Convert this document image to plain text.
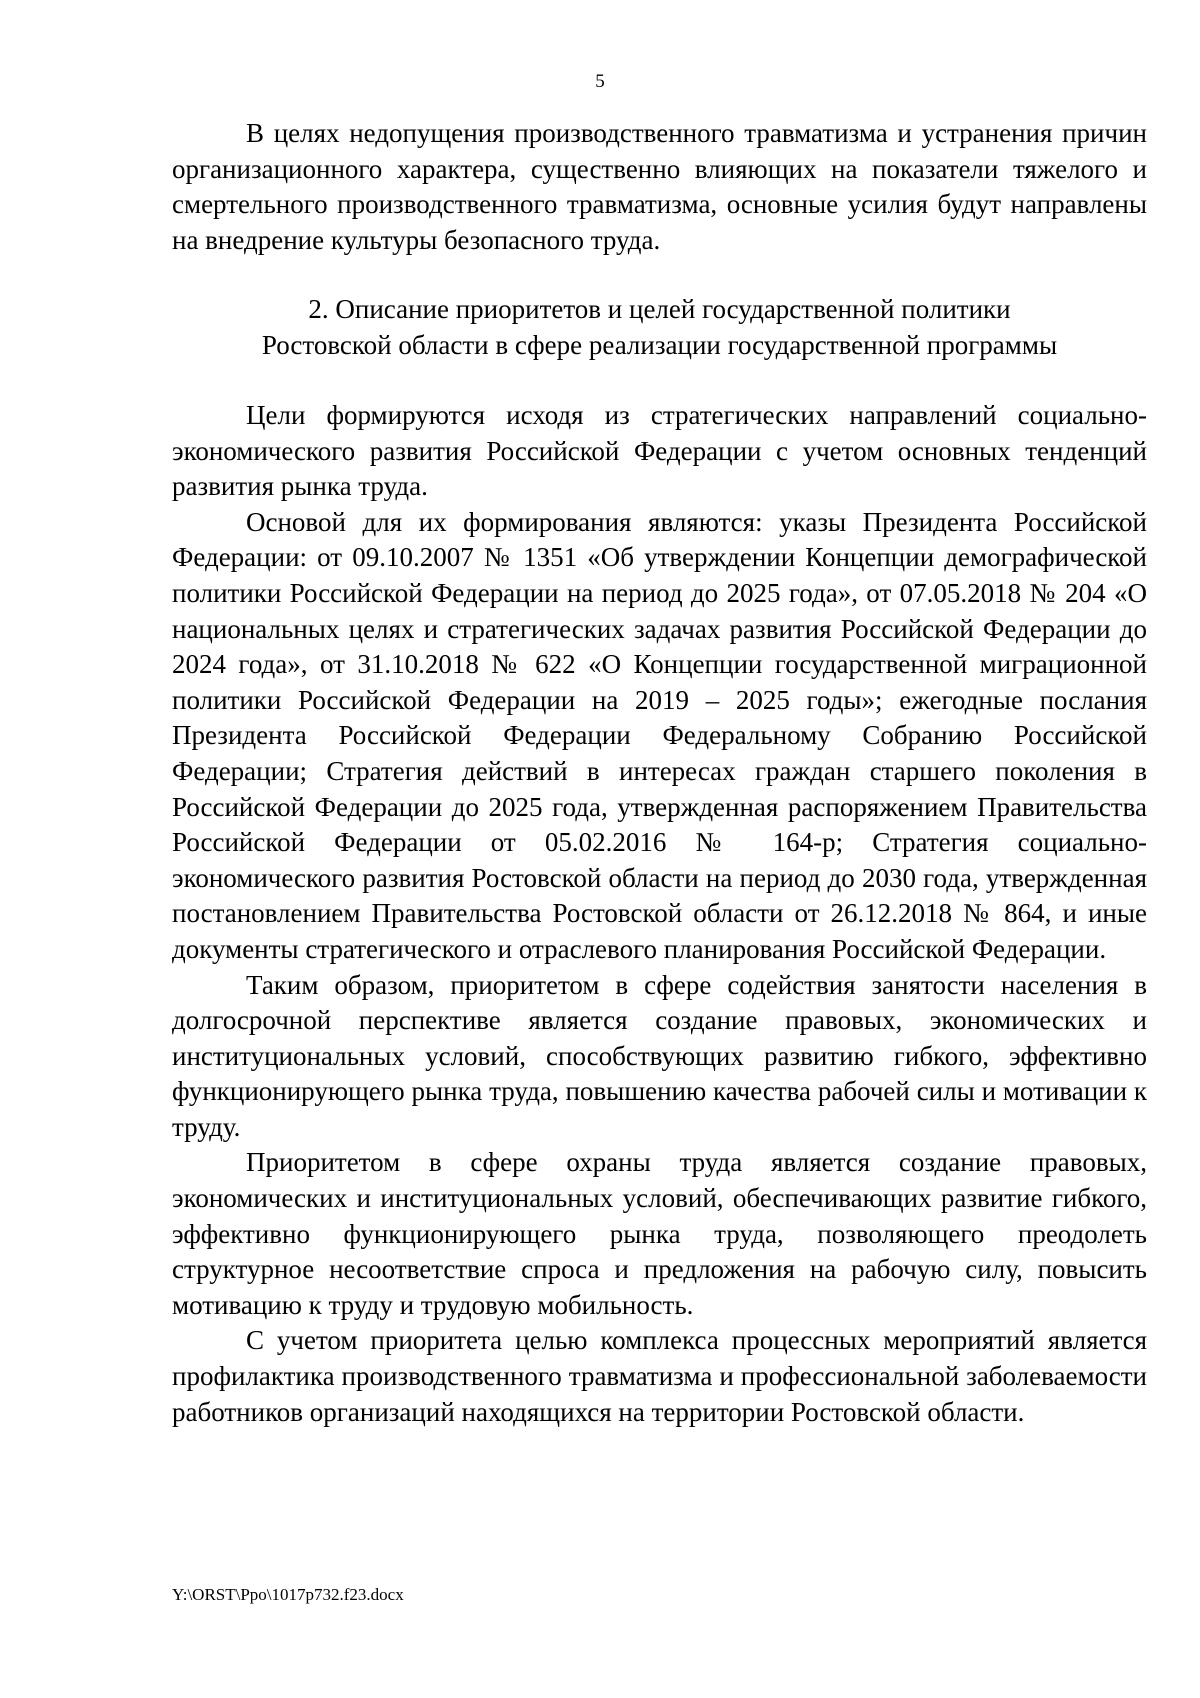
5

В целях недопущения производственного травматизма и устранения причин организационного характера, существенно влияющих на показатели тяжелого и смертельного производственного травматизма, основные усилия будут направлены на внедрение культуры безопасного труда.

2. Описание приоритетов и целей государственной политики
Ростовской области в сфере реализации государственной программы

Цели формируются исходя из стратегических направлений социально-экономического развития Российской Федерации с учетом основных тенденций развития рынка труда.

Основой для их формирования являются: указы Президента Российской Федерации: от 09.10.2007 № 1351 «Об утверждении Концепции демографической политики Российской Федерации на период до 2025 года», от 07.05.2018 № 204 «О национальных целях и стратегических задачах развития Российской Федерации до 2024 года», от 31.10.2018 № 622 «О Концепции государственной миграционной политики Российской Федерации на 2019 – 2025 годы»; ежегодные послания Президента Российской Федерации Федеральному Собранию Российской Федерации; Стратегия действий в интересах граждан старшего поколения в Российской Федерации до 2025 года, утвержденная распоряжением Правительства Российской Федерации от 05.02.2016 № 164-р; Стратегия социально-экономического развития Ростовской области на период до 2030 года, утвержденная постановлением Правительства Ростовской области от 26.12.2018 № 864, и иные документы стратегического и отраслевого планирования Российской Федерации.

Таким образом, приоритетом в сфере содействия занятости населения в долгосрочной перспективе является создание правовых, экономических и институциональных условий, способствующих развитию гибкого, эффективно функционирующего рынка труда, повышению качества рабочей силы и мотивации к труду.

Приоритетом в сфере охраны труда является создание правовых, экономических и институциональных условий, обеспечивающих развитие гибкого, эффективно функционирующего рынка труда, позволяющего преодолеть структурное несоответствие спроса и предложения на рабочую силу, повысить мотивацию к труду и трудовую мобильность.

С учетом приоритета целью комплекса процессных мероприятий является профилактика производственного травматизма и профессиональной заболеваемости работников организаций находящихся на территории Ростовской области.

Y:\ORST\Ppo\1017p732.f23.docx
